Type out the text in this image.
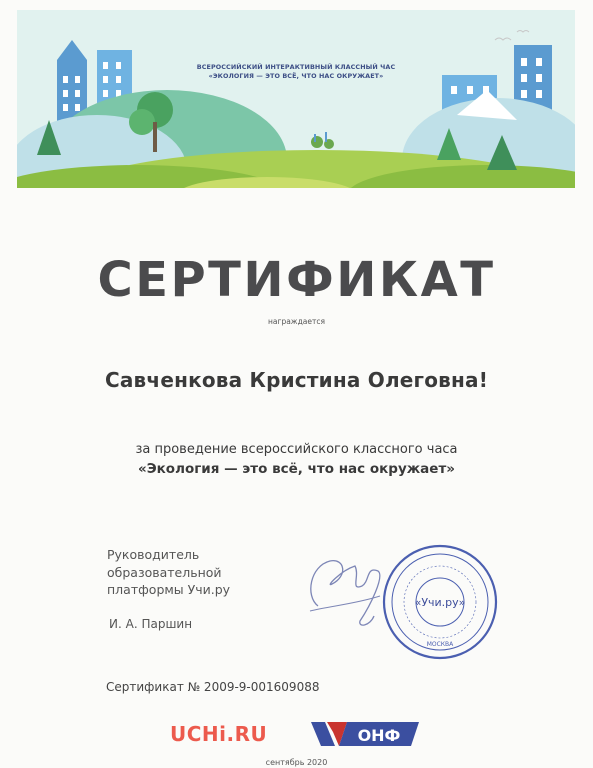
ВСЕРОССИЙСКИЙ ИНТЕРАКТИВНЫЙ КЛАССНЫЙ ЧАС
«ЭКОЛОГИЯ — ЭТО ВСЁ, ЧТО НАС ОКРУЖАЕТ»
СЕРТИФИКАТ
награждается
Савченкова Кристина Олеговна!
за проведение всероссийского классного часа
«Экология — это всё, что нас окружает»
Руководитель
образовательной
платформы Учи.ру
И. А. Паршин
«Учи.ру»
МОСКВА
Сертификат № 2009-9-001609088
UCHi.RU	ОНФ
сентябрь 2020
